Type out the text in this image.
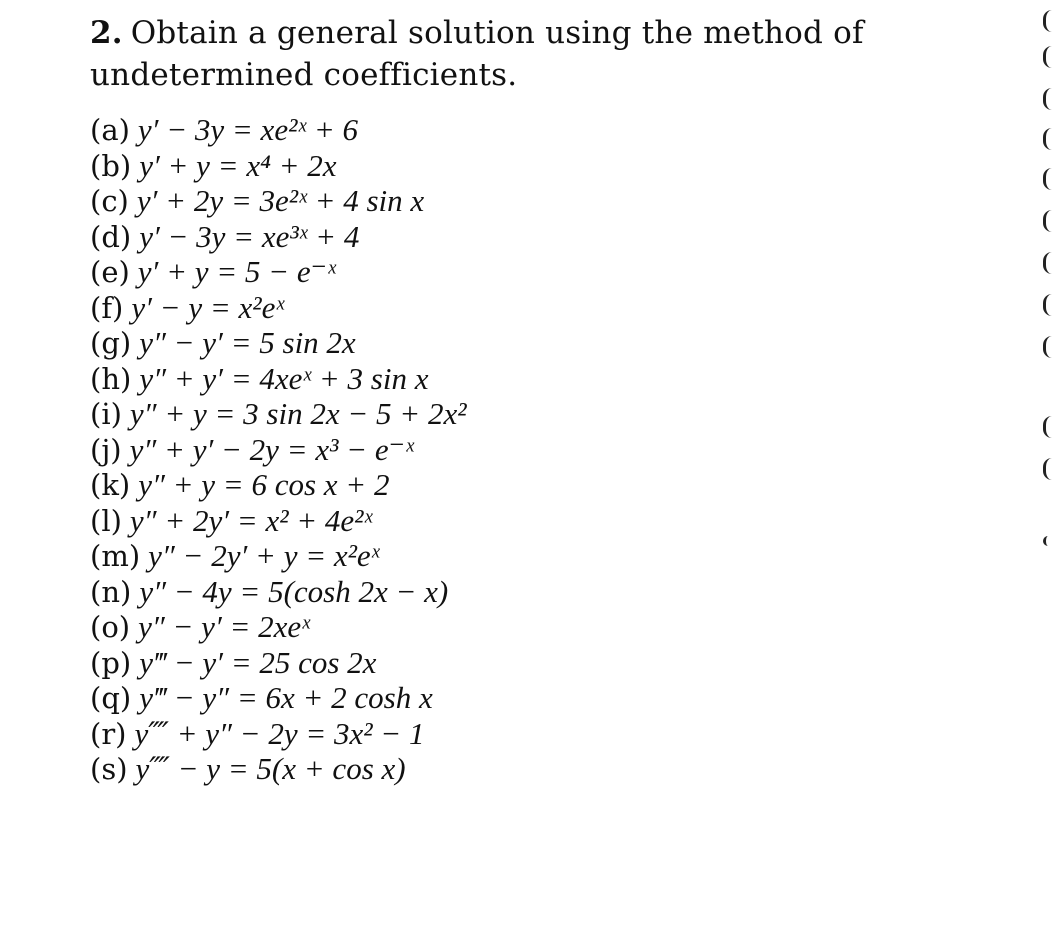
2. Obtain a general solution using the method of undetermined coefficients.
(a) y′ − 3y = xe²ˣ + 6
(b) y′ + y = x⁴ + 2x
(c) y′ + 2y = 3e²ˣ + 4 sin x
(d) y′ − 3y = xe³ˣ + 4
(e) y′ + y = 5 − e⁻ˣ
(f) y′ − y = x²eˣ
(g) y″ − y′ = 5 sin 2x
(h) y″ + y′ = 4xeˣ + 3 sin x
(i) y″ + y = 3 sin 2x − 5 + 2x²
(j) y″ + y′ − 2y = x³ − e⁻ˣ
(k) y″ + y = 6 cos x + 2
(l) y″ + 2y′ = x² + 4e²ˣ
(m) y″ − 2y′ + y = x²eˣ
(n) y″ − 4y = 5(cosh 2x − x)
(o) y″ − y′ = 2xeˣ
(p) y‴ − y′ = 25 cos 2x
(q) y‴ − y″ = 6x + 2 cosh x
(r) y⁗ + y″ − 2y = 3x² − 1
(s) y⁗ − y = 5(x + cos x)
